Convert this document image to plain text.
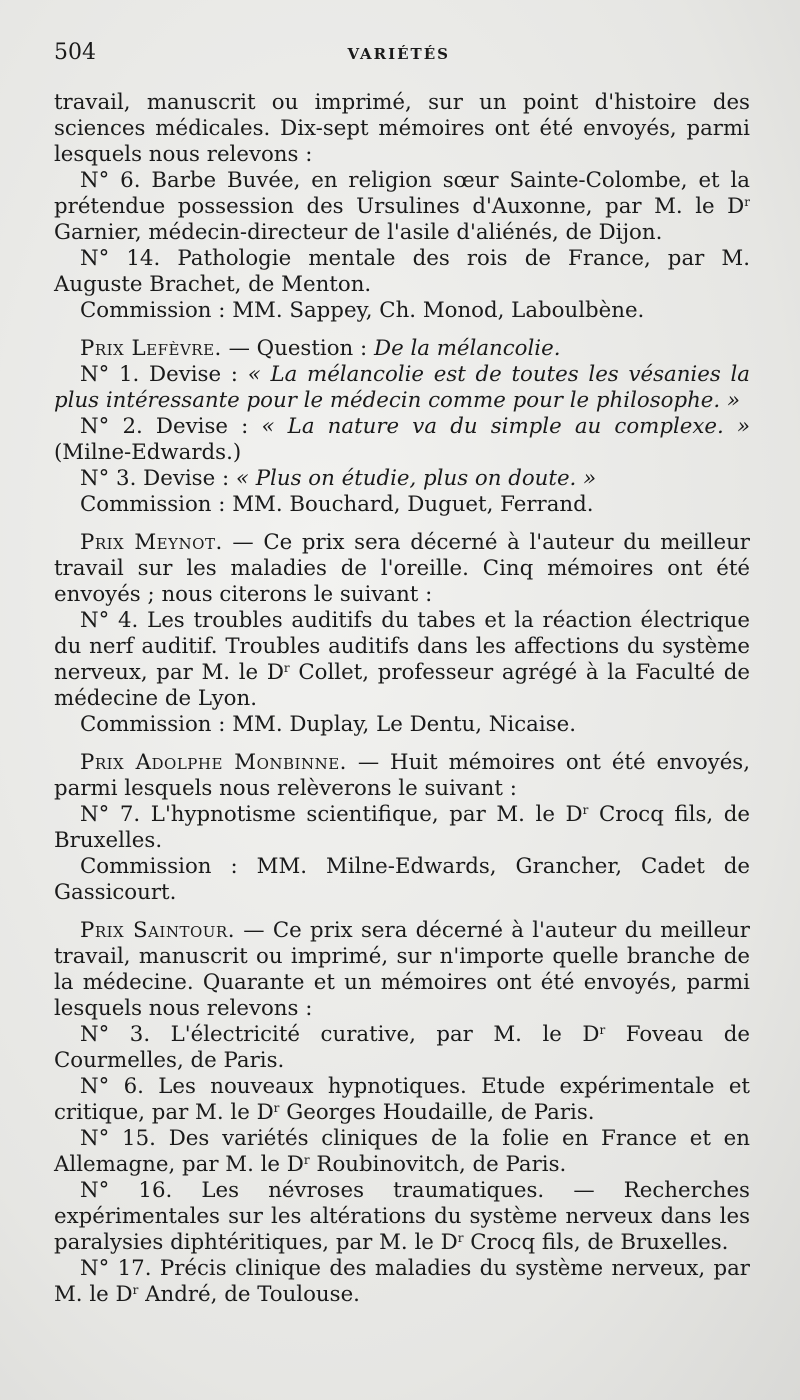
504	VARIÉTÉS

travail, manuscrit ou imprimé, sur un point d'histoire des sciences médicales. Dix-sept mémoires ont été envoyés, parmi lesquels nous relevons :

N° 6. Barbe Buvée, en religion sœur Sainte-Colombe, et la prétendue possession des Ursulines d'Auxonne, par M. le $D^r$ Garnier, médecin-directeur de l'asile d'aliénés, de Dijon.

N° 14. Pathologie mentale des rois de France, par M. Auguste Brachet, de Menton.

Commission : MM. Sappey, Ch. Monod, Laboulbène.

Prix Lefèvre. — Question : De la mélancolie.

N° 1. Devise : « La mélancolie est de toutes les vésanies la plus intéressante pour le médecin comme pour le philosophe. »

N° 2. Devise : « La nature va du simple au complexe. » (Milne-Edwards.)

N° 3. Devise : « Plus on étudie, plus on doute. »

Commission : MM. Bouchard, Duguet, Ferrand.

Prix Meynot. — Ce prix sera décerné à l'auteur du meilleur travail sur les maladies de l'oreille. Cinq mémoires ont été envoyés ; nous citerons le suivant :

N° 4. Les troubles auditifs du tabes et la réaction électrique du nerf auditif. Troubles auditifs dans les affections du système nerveux, par M. le $D^r$ Collet, professeur agrégé à la Faculté de médecine de Lyon.

Commission : MM. Duplay, Le Dentu, Nicaise.

Prix Adolphe Monbinne. — Huit mémoires ont été envoyés, parmi lesquels nous relèverons le suivant :

N° 7. L'hypnotisme scientifique, par M. le $D^r$ Crocq fils, de Bruxelles.

Commission : MM. Milne-Edwards, Grancher, Cadet de Gassicourt.

Prix Saintour. — Ce prix sera décerné à l'auteur du meilleur travail, manuscrit ou imprimé, sur n'importe quelle branche de la médecine. Quarante et un mémoires ont été envoyés, parmi lesquels nous relevons :

N° 3. L'électricité curative, par M. le $D^r$ Foveau de Courmelles, de Paris.

N° 6. Les nouveaux hypnotiques. Etude expérimentale et critique, par M. le $D^r$ Georges Houdaille, de Paris.

N° 15. Des variétés cliniques de la folie en France et en Allemagne, par M. le $D^r$ Roubinovitch, de Paris.

N° 16. Les névroses traumatiques. — Recherches expérimentales sur les altérations du système nerveux dans les paralysies diphtéritiques, par M. le $D^r$ Crocq fils, de Bruxelles.

N° 17. Précis clinique des maladies du système nerveux, par M. le $D^r$ André, de Toulouse.
